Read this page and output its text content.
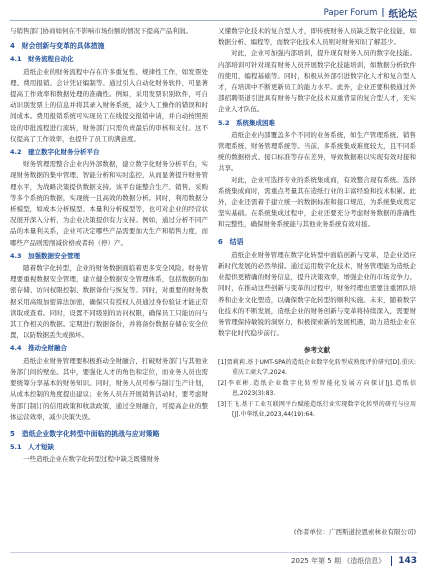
Paper Forum | 纸论坛

与销售部门协商如何在不影响市场份额的情况下提高产品利润。

4　财会创新与变革的具体措施
4.1　财务流程自动化

造纸企业的财务流程中存在许多重复性、规律性工作，如发票处理、费用报销、会计凭证编制等。通过引入自动化财务软件，可显著提高工作效率和数据处理的准确性。例如，采用发票识别软件，可自动识别发票上的信息并将其录入财务系统，减少人工操作的错误和时间成本。费用报销系统可实现员工在线提交报销申请，并自动按照预设的审批流程进行流转，财务部门只需负责最后的审核和支付。这不仅提高了工作效率，也提升了员工的满意度。

4.2　建立数字化财务分析平台

财务管理需整合企业内外部数据，建立数字化财务分析平台，实现财务数据的集中管理、智能分析和实时监控，从而显著提升财务管理水平，为战略决策提供数据支持。该平台能整合生产、销售、采购等多个系统的数据，实现统一且高效的数据分析。同时，利用数据分析模型，如成本分析模型、本量利分析模型等，也可对企业的经营状况展开深入分析，为企业决策提供有力支持。例如，通过分析不同产品的本量利关系，企业可决定哪些产品需要加大生产和销售力度，而哪些产品则需削减价格或者转（停）产。

4.3　加强数据安全管理

随着数字化转型，企业的财务数据面临着更多安全风险。财务管理要重视数据安全管理，建立健全数据安全管理体系，包括数据的加密存储、访问权限控制、数据备份与恢复等。同时，对重要的财务数据采用高级加密算法加密，确保只有授权人员通过身份验证才能正常读取或查看。同时，设置不同级别的访问权限，确保员工只能访问与其工作相关的数据。定期进行数据备份，并将备份数据存储在安全位置，以防数据丢失或损坏。

4.4　推动全财融合

造纸企业财务管理要积极推动全财融合，打破财务部门与其他业务部门间的壁垒。其中，要强化人才的角色和定位，而业务人员也需要统筹分享基本的财务知识。同时，财务人员可参与制订生产计划，从成本控制的角度提出建议；业务人员在开展销售活动时，要考虑财务部门制订的信用政策和收款政策，通过全财融合，可提高企业的整体运营效率，减少决策失误。

5　造纸企业数字化转型中面临的挑战与应对策略
5.1　人才短缺

一些造纸企业在数字化转型过程中缺乏既懂财务

又懂数字化技术的复合型人才，即传统财务人员缺乏数字化技能，如数据分析、编程等，而数字化技术人员则对财务知识了解甚少。

对此，企业可加强内部培训，提升现有财务人员的数字化技能。内部培训可针对现有财务人员开展数字化技能培训，如数据分析软件的使用、编程基础等。同时，积极从外部引进数字化人才和复合型人才，在培训中不断更新员工的能力水平。此外，企业还要积极通过外部招聘渠道引进具有财务与数字化技术双重背景的复合型人才，充实企业人才队伍。

5.2　系统集成困难

造纸企业内部覆盖多个不同的业务系统，如生产管理系统、销售管理系统、财务管理系统等。当前，多系统集成难度较大，且不同系统的数据格式、接口标准等存在差异，导致数据难以实现有效对接和共享。

对此，企业可选择专业的系统集成商，有效整合现有系统。选择系统集成商时，需重点考量其在造纸行业的丰富经验和技术积累。此外，企业还需着手建立统一的数据标准和接口规范，为系统集成奠定坚实基础。在系统集成过程中，企业还要充分考虑财务数据的准确性和完整性，确保财务系统能与其他业务系统有效对接。

6　结语

造纸企业财务管理在数字化转型中面临创新与变革，是企业适应新时代发展的必然举措。通过运用数字化技术，财务管理能为造纸企业提供更精确的财务信息，提升决策效率，增强企业的市场竞争力。同时，在推动这些创新与变革的过程中，财务经理也需要注重团队培养和企业文化塑造，以确保数字化转型的顺利实施。未来，随着数字化技术的不断发展，造纸企业的财务创新与变革将持续深入，需要财务管理保持敏锐的洞察力，积极探索新的发展机遇，助力造纸企业在数字化时代稳步前行。

参考文献

[1]贾莉莉.基于UMT-SPA的造纸企业数字化转型成熟度评价研究[D].重庆:重庆工商大学,2024.

[2]李亚彬.造纸企业数字化转型智能化发展方向探讨[J].造纸信息,2023(3):83.

[3]王飞.基于工业互联网平台赋能造纸行业实现数字化转型的研究与应用[J].中华纸业,2023,44(19):64.

(作者单位：广西斯道拉恩索林业有限公司)
2025 年第 5 期 《造纸信息》 143
